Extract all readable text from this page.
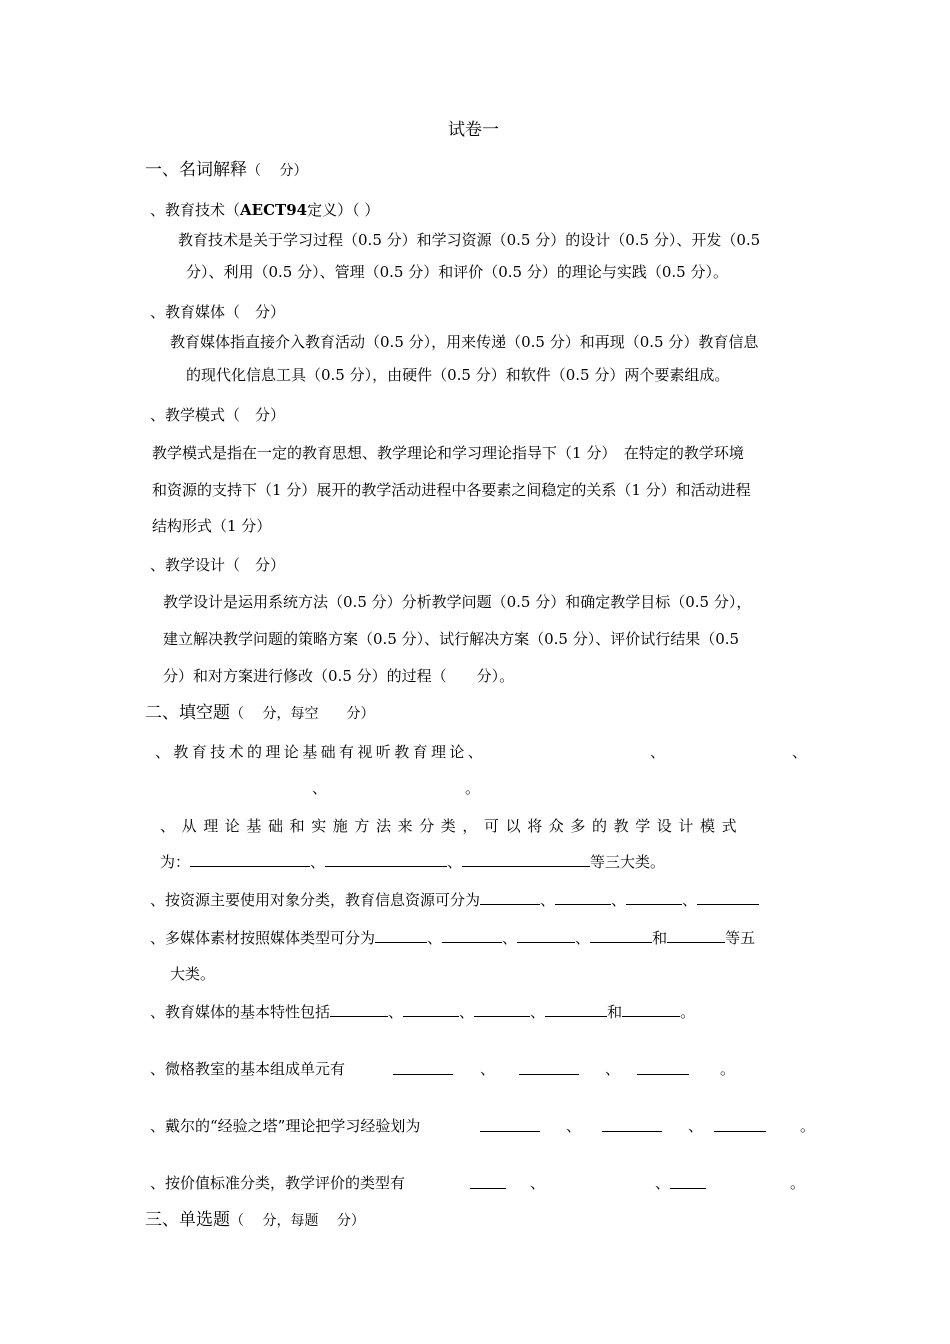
试卷一
一、名词解释（　 分）
、教育技术（AECT94定义）（ ）
教育技术是关于学习过程（0.5 分）和学习资源（0.5 分）的设计（0.5 分）、开发（0.5
分）、利用（0.5 分）、管理（0.5 分）和评价（0.5 分）的理论与实践（0.5 分）。
、教育媒体（　分）
教育媒体指直接介入教育活动（0.5 分），用来传递（0.5 分）和再现（0.5 分）教育信息
的现代化信息工具（0.5 分），由硬件（0.5 分）和软件（0.5 分）两个要素组成。
、教学模式（　分）
教学模式是指在一定的教育思想、教学理论和学习理论指导下（1 分）　在特定的教学环境
和资源的支持下（1 分）展开的教学活动进程中各要素之间稳定的关系（1 分）和活动进程
结构形式（1 分）
、教学设计（　分）
教学设计是运用系统方法（0.5 分）分析教学问题（0.5 分）和确定教学目标（0.5 分），
建立解决教学问题的策略方案（0.5 分）、试行解决方案（0.5 分）、评价试行结果（0.5
分）和对方案进行修改（0.5 分）的过程（　　分）。
二、填空题（　 分，每空　　分）
、教育技术的理论基础有视听教育理论、	、	、
、	。
、从理论基础和实施方法来分类，可以将众多的教学设计模式
为：	、	、	等三大类。
、按资源主要使用对象分类，教育信息资源可分为	、	、	、
、多媒体素材按照媒体类型可分为	、	、	、	和	等五
大类。
、教育媒体的基本特性包括	、	、	、	和	。
、微格教室的基本组成单元有	、	、	。
、戴尔的“经验之塔”理论把学习经验划为	、	、	。
、按价值标准分类，教学评价的类型有	、	、	。
三、单选题（　 分，每题　 分）
